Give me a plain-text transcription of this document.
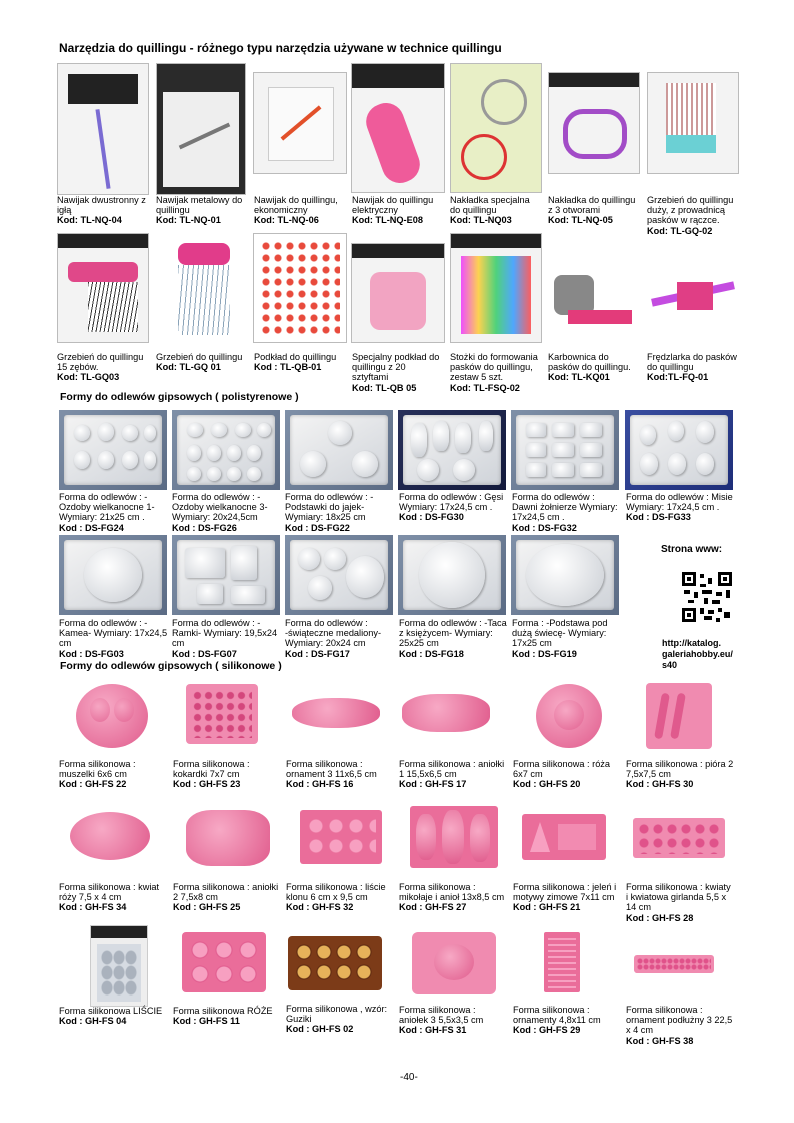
Narzędzia do quillingu - różnego typu narzędzia używane w technice quillingu
Nawijak dwustronny z igłą
Kod: TL-NQ-04
Nawijak metalowy do quillingu
Kod: TL-NQ-01
Nawijak do quillingu, ekonomiczny
Kod: TL-NQ-06
Nawijak do quillingu elektryczny
Kod: TL-NQ-E08
Nakładka specjalna do quillingu
Kod: TL-NQ03
Nakładka do quillingu z 3 otworami
Kod: TL-NQ-05
Grzebień do quillingu duży, z prowadnicą pasków w rączce.
Kod: TL-GQ-02
Grzebień do quillingu 15 zębów.
Kod: TL-GQ03
Grzebień do quillingu
Kod: TL-GQ 01
Podkład do quillingu
Kod : TL-QB-01
Specjalny podkład do quillingu z 20 sztyftami
Kod: TL-QB 05
Stożki do formowania pasków do quillingu, zestaw 5 szt.
Kod: TL-FSQ-02
Karbownica do pasków do quillingu.
Kod: TL-KQ01
Frędzlarka do pasków do quillingu
Kod:TL-FQ-01
Formy do odlewów gipsowych ( polistyrenowe )
Forma do odlewów : -Ozdoby wielkanocne 1- Wymiary: 21x25 cm .
Kod : DS-FG24
Forma do odlewów : -Ozdoby wielkanocne 3- Wymiary: 20x24,5cm
Kod : DS-FG26
Forma do odlewów : -Podstawki do jajek- Wymiary: 18x25 cm
Kod : DS-FG22
Forma do odlewów : Gęsi Wymiary: 17x24,5 cm .
Kod : DS-FG30
Forma do odlewów : Dawni żołnierze Wymiary: 17x24,5 cm .
Kod : DS-FG32
Forma do odlewów : Misie Wymiary: 17x24,5 cm .
Kod : DS-FG33
Forma do odlewów : -Kamea- Wymiary: 17x24,5 cm
Kod : DS-FG03
Forma do odlewów : -Ramki- Wymiary: 19,5x24 cm
Kod : DS-FG07
Forma do odlewów : -świąteczne medaliony- Wymiary: 20x24 cm
Kod : DS-FG17
Forma do odlewów : -Taca z księżycem- Wymiary: 25x25 cm
Kod : DS-FG18
Forma : -Podstawa pod dużą świecę- Wymiary: 17x25 cm
Kod : DS-FG19
Strona www:
http://katalog.
galeriahobby.eu/
s40
Formy do odlewów gipsowych ( silikonowe )
Forma silikonowa : muszelki 6x6 cm
Kod : GH-FS 22
Forma silikonowa : kokardki 7x7 cm
Kod : GH-FS 23
Forma silikonowa : ornament 3 11x6,5 cm
Kod : GH-FS 16
Forma silikonowa : aniołki 1 15,5x6,5 cm
Kod : GH-FS 17
Forma silikonowa : róża 6x7 cm
Kod : GH-FS 20
Forma silikonowa : pióra 2 7,5x7,5 cm
Kod : GH-FS 30
Forma silikonowa : kwiat róży 7,5 x 4 cm
Kod : GH-FS 34
Forma silikonowa : aniołki 2 7,5x8 cm
Kod : GH-FS 25
Forma silikonowa : liście klonu 6 cm x 9,5 cm
Kod : GH-FS 32
Forma silikonowa : mikołaje i anioł 13x8,5 cm
Kod : GH-FS 27
Forma silikonowa : jeleń i motywy zimowe 7x11 cm
Kod : GH-FS 21
Forma silikonowa : kwiaty i kwiatowa girlanda 5,5 x 14 cm
Kod : GH-FS 28
Forma silikonowa LIŚCIE
Kod : GH-FS 04
Forma silikonowa RÓŻE
Kod : GH-FS 11
Forma silikonowa , wzór: Guziki
Kod : GH-FS 02
Forma silikonowa : aniołek 3 5,5x3,5 cm
Kod : GH-FS 31
Forma silikonowa : ornamenty 4,8x11 cm
Kod : GH-FS 29
Forma silikonowa : ornament podłużny 3 22,5 x 4 cm
Kod : GH-FS 38
-40-
